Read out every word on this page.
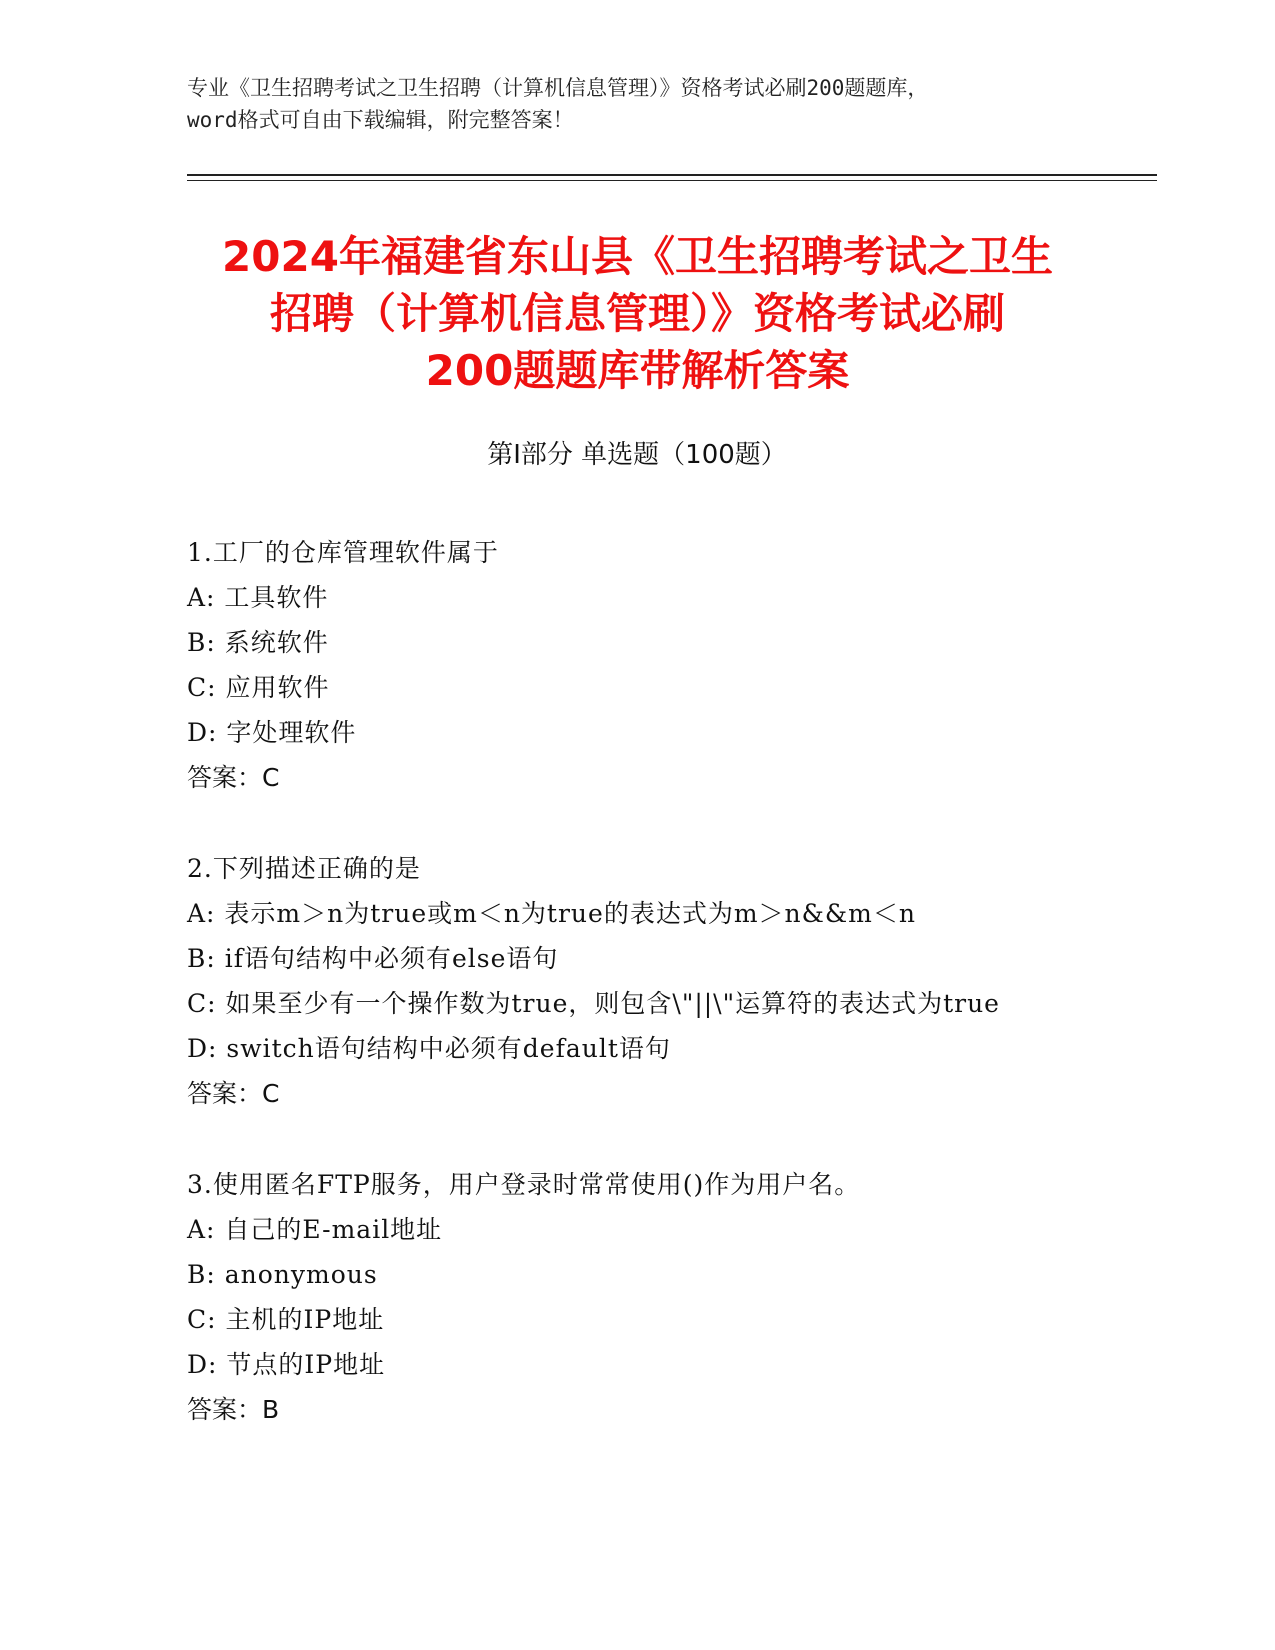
专业《卫生招聘考试之卫生招聘（计算机信息管理）》资格考试必刷200题题库，
word格式可自由下载编辑，附完整答案！
2024年福建省东山县《卫生招聘考试之卫生
招聘（计算机信息管理）》资格考试必刷
200题题库带解析答案
第Ⅰ部分 单选题（100题）
1.工厂的仓库管理软件属于
A: 工具软件
B: 系统软件
C: 应用软件
D: 字处理软件
答案：C
2.下列描述正确的是
A: 表示m＞n为true或m＜n为true的表达式为m＞n&&m＜n
B: if语句结构中必须有else语句
C: 如果至少有一个操作数为true，则包含\"||\"运算符的表达式为true
D: switch语句结构中必须有default语句
答案：C
3.使用匿名FTP服务，用户登录时常常使用()作为用户名。
A: 自己的E-mail地址
B: anonymous
C: 主机的IP地址
D: 节点的IP地址
答案：B
